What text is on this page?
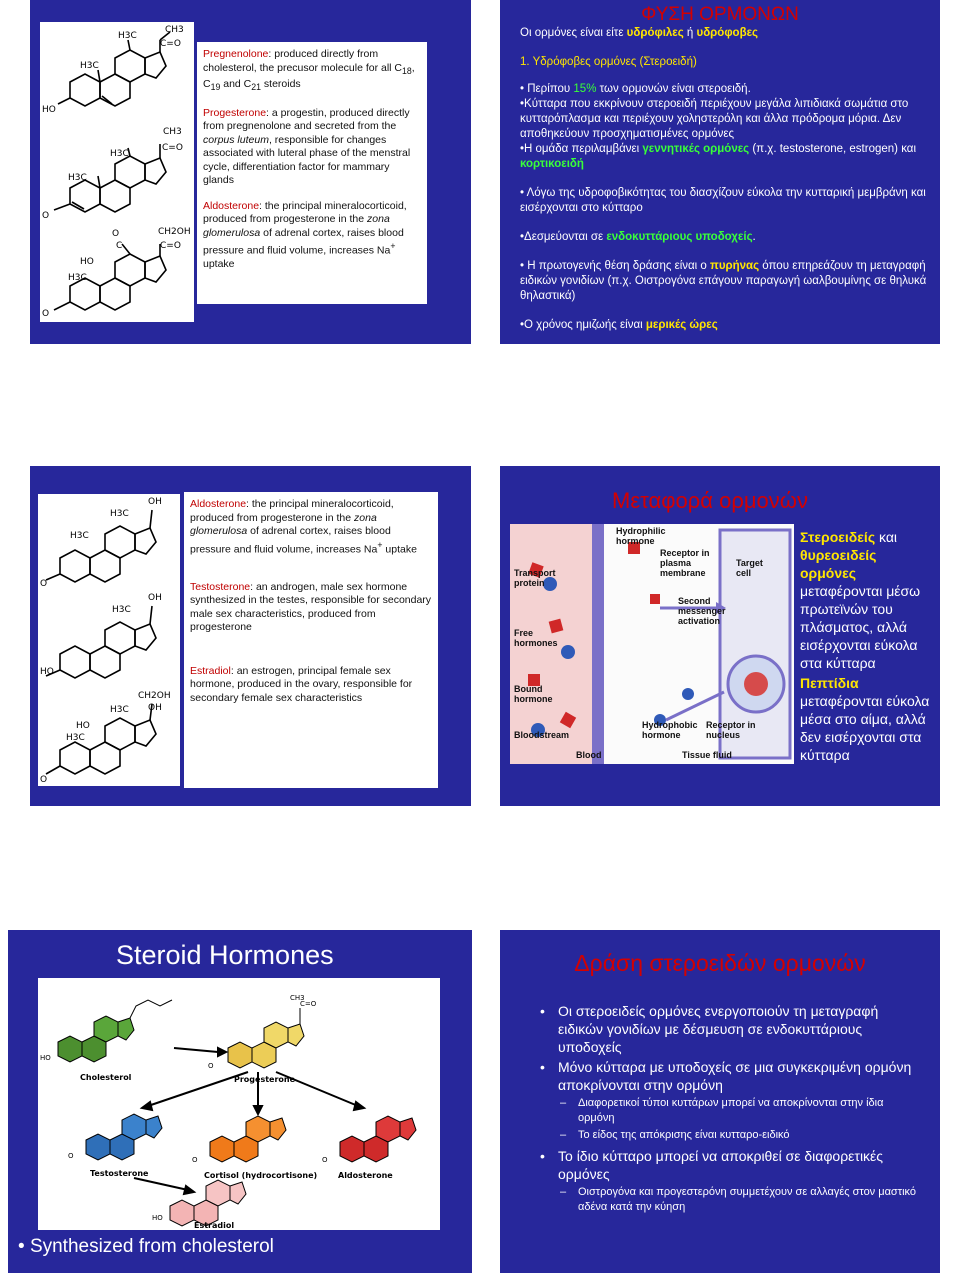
CH3
C=O
H3C
H3C
HO
CH3
C=O
H3C
H3C
O
CH2OH
C=O
O
C
HO
H3C
O

Pregnenolone: produced directly from cholesterol, the precusor molecule for all $C_{18}$, $C_{19}$ and $C_{21}$ steroids

Progesterone: a progestin, produced directly from pregnenolone and secreted from the corpus luteum, responsible for changes associated with luteral phase of the menstral cycle, differentiation factor for mammary glands

Aldosterone: the principal mineralocorticoid, produced from progesterone in the zona glomerulosa of adrenal cortex, raises blood pressure and fluid volume, increases Na+ uptake

ΦΥΣΗ ΟΡΜΟΝΩΝ
Οι ορμόνες είναι είτε υδρόφιλες ή υδρόφοβες
1. Υδρόφοβες ορμόνες (Στεροειδή)
• Περίπου 15% των ορμονών είναι στεροειδή.
•Κύτταρα που εκκρίνουν στεροειδή περιέχουν μεγάλα λιπιδιακά σωμάτια στο κυτταρόπλασμα και περιέχουν χοληστερόλη και άλλα πρόδρομα μόρια. Δεν αποθηκεύουν προσχηματισμένες ορμόνες
•Η ομάδα περιλαμβάνει γεννητικές ορμόνες (π.χ. testosterone, estrogen) και κορτικοειδή
• Λόγω της υδροφοβικότητας του διασχίζουν εύκολα την κυτταρική μεμβράνη και εισέρχονται στο κύτταρο
•Δεσμεύονται σε ενδοκυττάριους υποδοχείς.
• Η πρωτογενής θέση δράσης είναι ο πυρήνας όπου επηρεάζουν τη μεταγραφή ειδικών γονιδίων (π.χ. Οιστρογόνα επάγουν παραγωγή ωαλβουμίνης σε θηλυκά θηλαστικά)
•Ο χρόνος ημιζωής είναι μερικές ώρες
OH
H3C
H3C
O
OH
H3C
HO
CH2OH
OH
H3C
HO
H3C
O

Aldosterone: the principal mineralocorticoid, produced from progesterone in the zona glomerulosa of adrenal cortex, raises blood pressure and fluid volume, increases Na+ uptake

Testosterone: an androgen, male sex hormone synthesized in the testes, responsible for secondary male sex characteristics, produced from progesterone

Estradiol: an estrogen, principal female sex hormone, produced in the ovary, responsible for secondary female sex characteristics

Μεταφορά ορμονών
Hydrophilic hormone
Receptor in plasma membrane
Target cell
Transport protein
Second messenger activation
Free hormones
Bound hormone
Bloodstream
Hydrophobic hormone
Receptor in nucleus
Blood	Tissue fluid
Στεροειδείς και θυρεοειδείς ορμόνες μεταφέρονται μέσω πρωτεϊνών του πλάσματος, αλλά εισέρχονται εύκολα στα κύτταρα
Πεπτίδια μεταφέρονται εύκολα μέσα στο αίμα, αλλά δεν εισέρχονται στα κύτταρα
Steroid Hormones
HO
O
O	O	O
HO
CH3
C=O
Cholesterol	Progesterone
Testosterone	Cortisol (hydrocortisone)	Aldosterone
Estradiol
• Synthesized from cholesterol
Δράση στεροειδών ορμονών
• Οι στεροειδείς ορμόνες ενεργοποιούν τη μεταγραφή ειδικών γονιδίων με δέσμευση σε ενδοκυττάριους υποδοχείς
• Μόνο κύτταρα με υποδοχείς σε μια συγκεκριμένη ορμόνη αποκρίνονται στην ορμόνη
– Διαφορετικοί τύποι κυττάρων μπορεί να αποκρίνονται στην ίδια ορμόνη
– Το είδος της απόκρισης είναι κυτταρο-ειδικό
• Το ίδιο κύτταρο μπορεί να αποκριθεί σε διαφορετικές ορμόνες
– Οιστρογόνα και προγεστερόνη συμμετέχουν σε αλλαγές στον μαστικό αδένα κατά την κύηση
